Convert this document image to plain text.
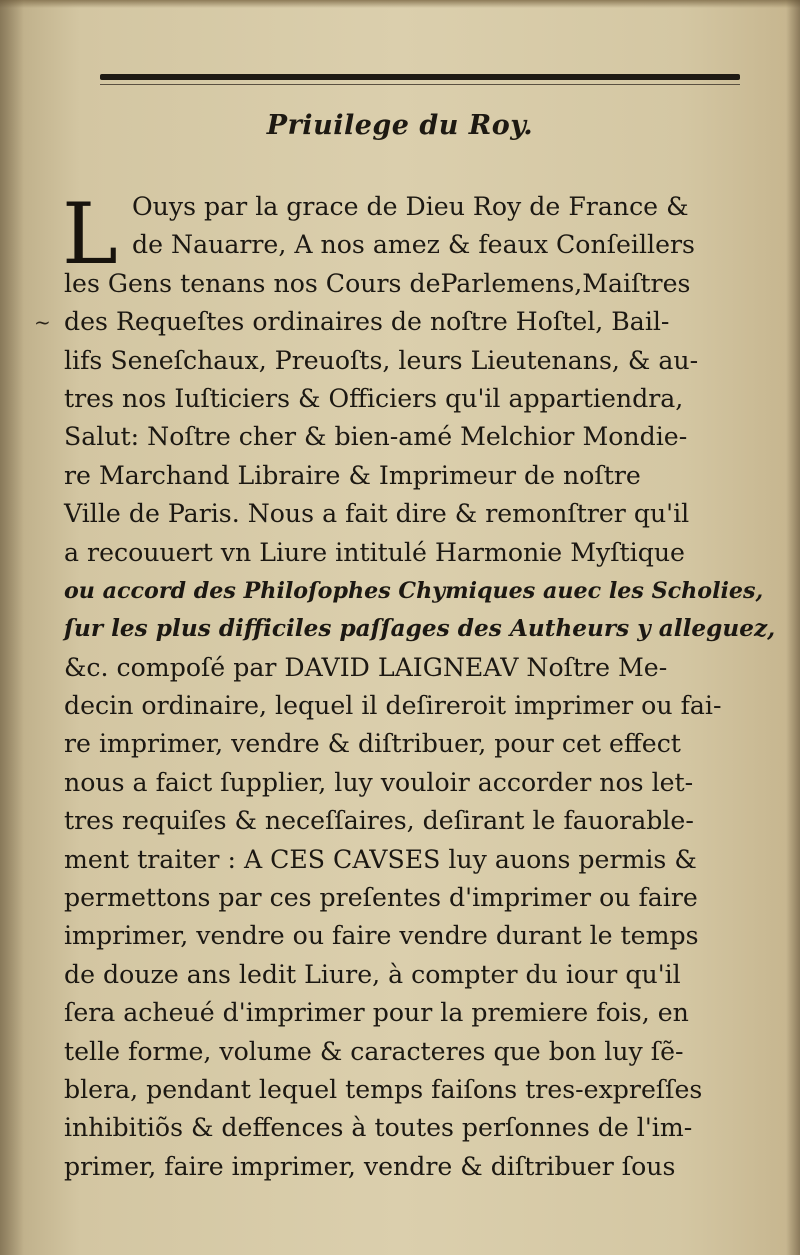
Priuilege du Roy.
L
~
Ouys par la grace de Dieu Roy de France &
de Nauarre, A nos amez & feaux Conſeillers
les Gens tenans nos Cours deParlemens,Maiſtres
des Requeſtes ordinaires de noſtre Hoſtel, Bail-
lifs Seneſchaux, Preuoſts, leurs Lieutenans, & au-
tres nos Iuſticiers & Officiers qu'il appartiendra,
Salut: Noſtre cher & bien-amé Melchior Mondie-
re Marchand Libraire & Imprimeur de noſtre
Ville de Paris. Nous a fait dire & remonſtrer qu'il
a recouuert vn Liure intitulé Harmonie Myſtique
ou accord des Philoſophes Chymiques auec les Scholies,
ſur les plus difficiles paſſages des Autheurs y alleguez,
&c. compoſé par DAVID LAIGNEAV Noſtre Me-
decin ordinaire, lequel il deſireroit imprimer ou fai-
re imprimer, vendre & diſtribuer, pour cet effect
nous a faict ſupplier, luy vouloir accorder nos let-
tres requiſes & neceſſaires, deſirant le fauorable-
ment traiter : A CES CAVSES luy auons permis &
permettons par ces preſentes d'imprimer ou faire
imprimer, vendre ou faire vendre durant le temps
de douze ans ledit Liure, à compter du iour qu'il
ſera acheué d'imprimer pour la premiere fois, en
telle forme, volume & caracteres que bon luy ſẽ-
blera, pendant lequel temps faiſons tres-expreſſes
inhibitiõs & deffences à toutes perſonnes de l'im-
primer, faire imprimer, vendre & diſtribuer ſous
